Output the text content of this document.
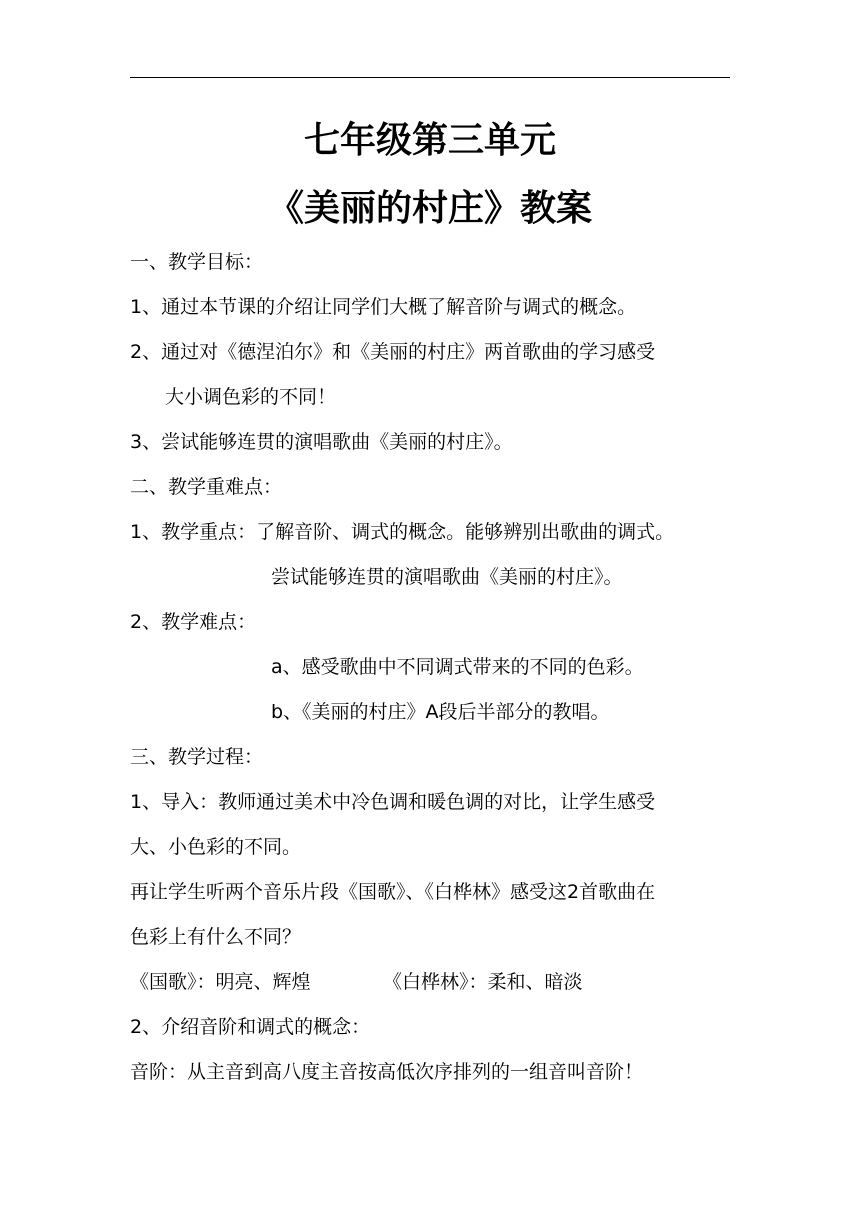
七年级第三单元
《美丽的村庄》教案
一、教学目标：
1、通过本节课的介绍让同学们大概了解音阶与调式的概念。
2、通过对《德涅泊尔》和《美丽的村庄》两首歌曲的学习感受
大小调色彩的不同！
3、尝试能够连贯的演唱歌曲《美丽的村庄》。
二、教学重难点：
1、教学重点：了解音阶、调式的概念。能够辨别出歌曲的调式。
尝试能够连贯的演唱歌曲《美丽的村庄》。
2、教学难点：
a、感受歌曲中不同调式带来的不同的色彩。
b、《美丽的村庄》A段后半部分的教唱。
三、教学过程：
1、导入：教师通过美术中冷色调和暖色调的对比，让学生感受
大、小色彩的不同。
再让学生听两个音乐片段《国歌》、《白桦林》感受这2首歌曲在
色彩上有什么不同？
《国歌》：明亮、辉煌	《白桦林》：柔和、暗淡
2、介绍音阶和调式的概念：
音阶：从主音到高八度主音按高低次序排列的一组音叫音阶！
